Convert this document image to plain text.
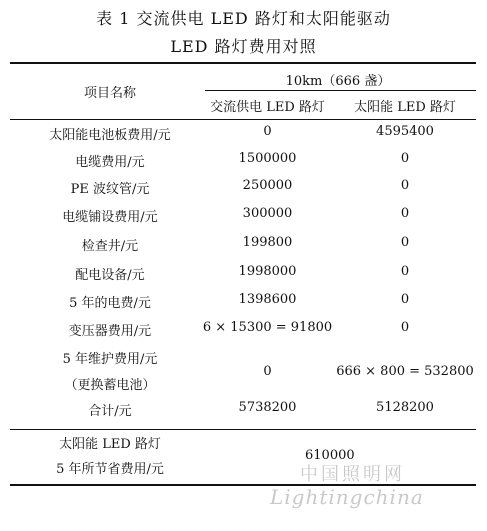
表 1 交流供电 LED 路灯和太阳能驱动
LED 路灯费用对照
项目名称
10km（666 盏）
交流供电 LED 路灯	太阳能 LED 路灯
太阳能电池板费用/元	0	4595400
电缆费用/元	1500000	0
PE 波纹管/元	250000	0
电缆铺设费用/元	300000	0
检查井/元	199800	0
配电设备/元	1998000	0
5 年的电费/元	1398600	0
变压器费用/元	6 × 15300 = 91800	0
5 年维护费用/元
（更换蓄电池）
0	666 × 800 = 532800
合计/元	5738200	5128200
太阳能 LED 路灯
5 年所节省费用/元
610000
中国照明网
Lightingchina
